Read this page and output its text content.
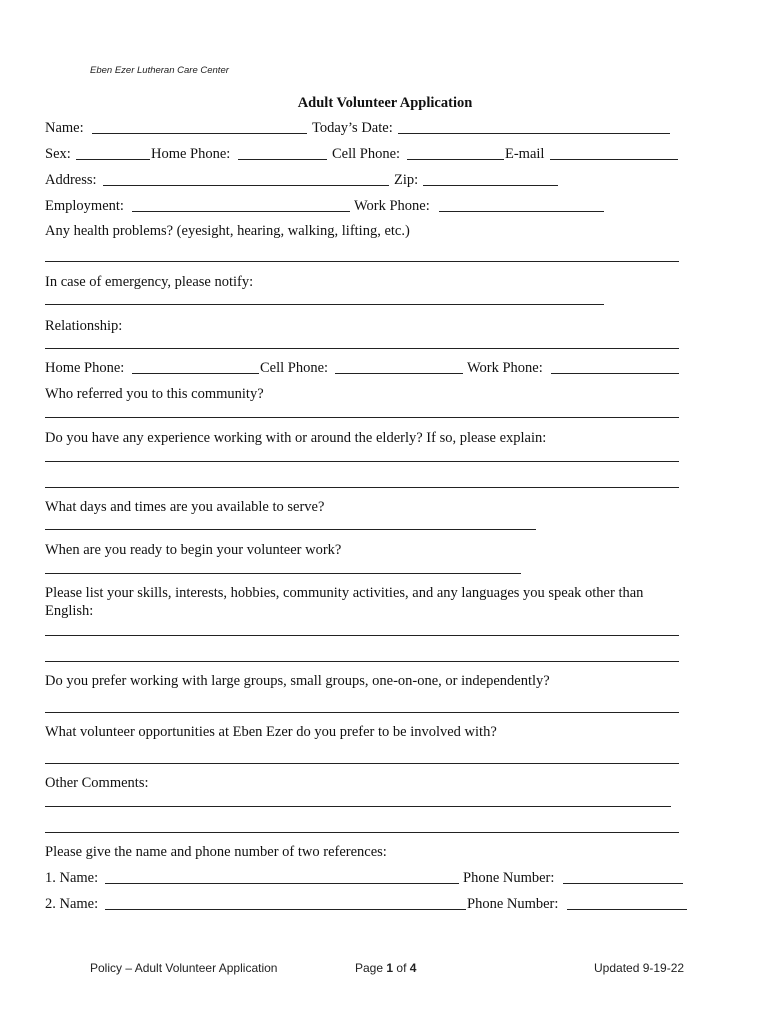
Eben Ezer Lutheran Care Center
Adult Volunteer Application
Name:	Today’s Date:
Sex:	Home Phone:	Cell Phone:	E-mail
Address:	Zip:
Employment:	Work Phone:
Any health problems? (eyesight, hearing, walking, lifting, etc.)
In case of emergency, please notify:
Relationship:
Home Phone:	Cell Phone:	Work Phone:
Who referred you to this community?
Do you have any experience working with or around the elderly? If so, please explain:
What days and times are you available to serve?
When are you ready to begin your volunteer work?
Please list your skills, interests, hobbies, community activities, and any languages you speak other than
English:
Do you prefer working with large groups, small groups, one-on-one, or independently?
What volunteer opportunities at Eben Ezer do you prefer to be involved with?
Other Comments:
Please give the name and phone number of two references:
1. Name:	Phone Number:
2. Name:	Phone Number:
Policy – Adult Volunteer Application	Page 1 of 4	Updated 9-19-22
